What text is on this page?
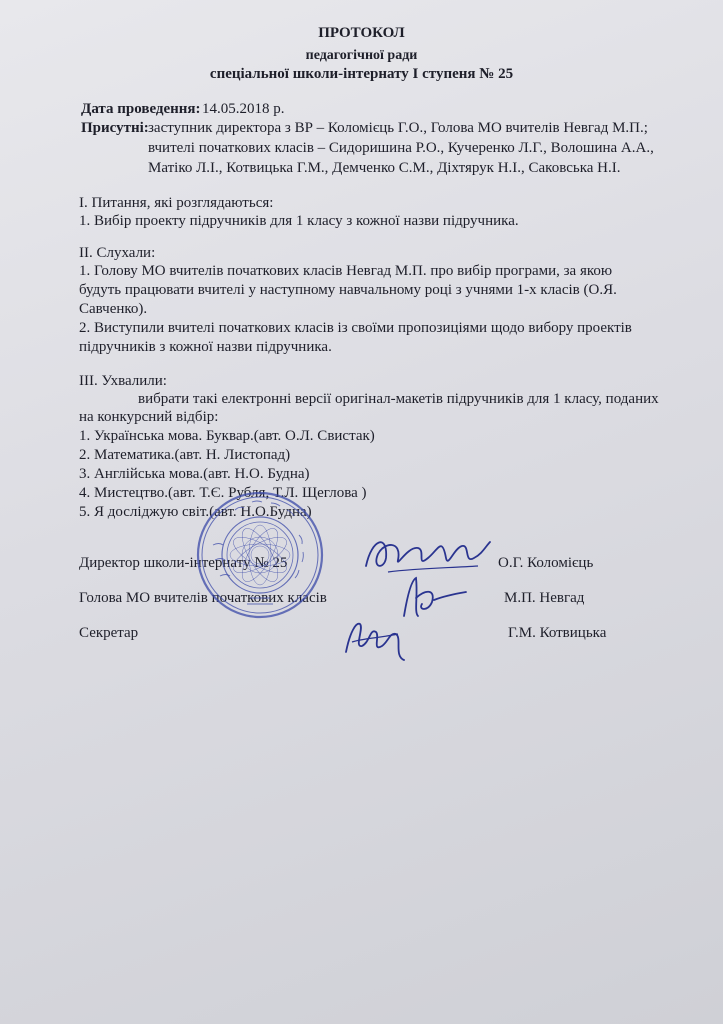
ПРОТОКОЛ
педагогічної ради
спеціальної школи-інтернату І ступеня № 25
Дата проведення: 14.05.2018 р.
Присутні: заступник директора з ВР – Коломієць Г.О., Голова МО вчителів Невгад М.П.;
вчителі початкових класів – Сидоришина Р.О., Кучеренко Л.Г., Волошина А.А.,
Матіко Л.І., Котвицька Г.М., Демченко С.М., Діхтярук Н.І., Саковська Н.І.
І. Питання, які розглядаються:
1. Вибір проекту підручників для 1 класу з кожної назви підручника.
ІІ. Слухали:
1. Голову МО вчителів початкових класів Невгад М.П. про вибір програми, за якою
будуть працювати вчителі у наступному навчальному році з учнями 1-х класів (О.Я.
Савченко).
2. Виступили вчителі початкових класів із своїми пропозиціями щодо вибору проектів
підручників з кожної назви підручника.
ІІІ. Ухвалили:
вибрати такі електронні версії оригінал-макетів підручників для 1 класу, поданих
на конкурсний відбір:
1. Українська мова. Буквар.(авт. О.Л. Свистак)
2. Математика.(авт. Н. Листопад)
3. Англійська мова.(авт. Н.О. Будна)
4. Мистецтво.(авт. Т.Є. Рубля, Т.Л. Щеглова )
5. Я досліджую світ.(авт. Н.О.Будна)
Директор школи-інтернату № 25	О.Г. Коломієць
Голова МО вчителів початкових класів	М.П. Невгад
Секретар	Г.М. Котвицька
